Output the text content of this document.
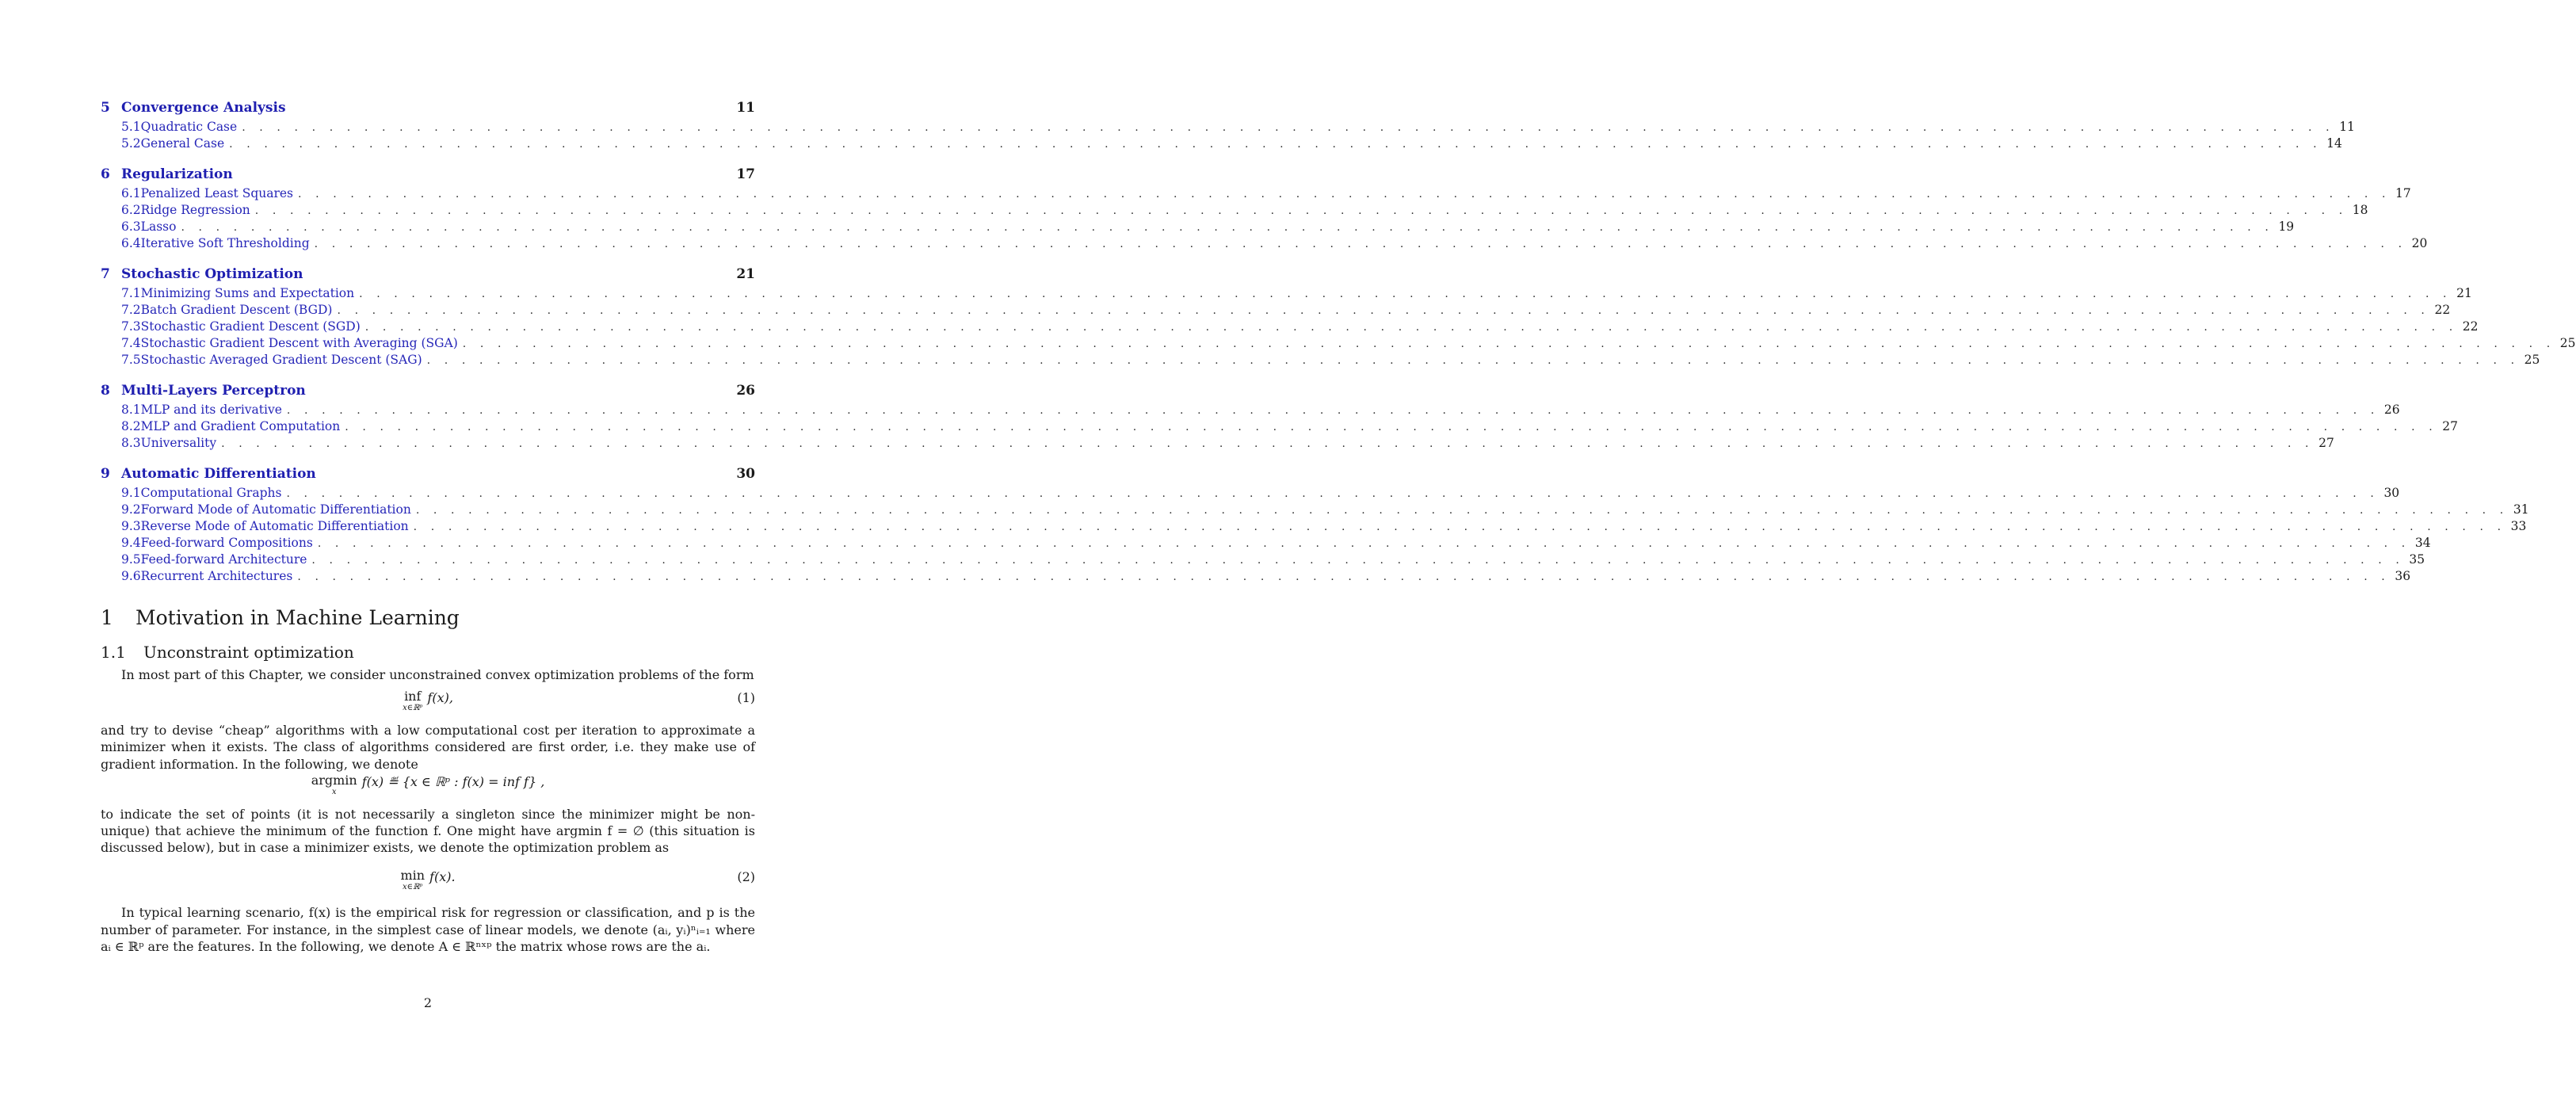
5 Convergence Analysis	11
5.1 Quadratic Case . . . . . . . . . . . . . . . . . . . . . . . . . . . . . . . . . . . . . . . . . . . . . . . . . . . . . . . . . . . . . . . . . . . . . . . . . . . . . . . . . . . . . . . . . . . . . . . . . . . . . . . . . . . . . . . . . . . . . . . . 11
5.2 General Case . . . . . . . . . . . . . . . . . . . . . . . . . . . . . . . . . . . . . . . . . . . . . . . . . . . . . . . . . . . . . . . . . . . . . . . . . . . . . . . . . . . . . . . . . . . . . . . . . . . . . . . . . . . . . . . . . . . . . . . . 14
6 Regularization	17
6.1 Penalized Least Squares . . . . . . . . . . . . . . . . . . . . . . . . . . . . . . . . . . . . . . . . . . . . . . . . . . . . . . . . . . . . . . . . . . . . . . . . . . . . . . . . . . . . . . . . . . . . . . . . . . . . . . . . . . . . . . . . . . . . . . . . 17
6.2 Ridge Regression . . . . . . . . . . . . . . . . . . . . . . . . . . . . . . . . . . . . . . . . . . . . . . . . . . . . . . . . . . . . . . . . . . . . . . . . . . . . . . . . . . . . . . . . . . . . . . . . . . . . . . . . . . . . . . . . . . . . . . . . 18
6.3 Lasso . . . . . . . . . . . . . . . . . . . . . . . . . . . . . . . . . . . . . . . . . . . . . . . . . . . . . . . . . . . . . . . . . . . . . . . . . . . . . . . . . . . . . . . . . . . . . . . . . . . . . . . . . . . . . . . . . . . . . . . . 19
6.4 Iterative Soft Thresholding . . . . . . . . . . . . . . . . . . . . . . . . . . . . . . . . . . . . . . . . . . . . . . . . . . . . . . . . . . . . . . . . . . . . . . . . . . . . . . . . . . . . . . . . . . . . . . . . . . . . . . . . . . . . . . . . . . . . . . . . 20
7 Stochastic Optimization	21
7.1 Minimizing Sums and Expectation . . . . . . . . . . . . . . . . . . . . . . . . . . . . . . . . . . . . . . . . . . . . . . . . . . . . . . . . . . . . . . . . . . . . . . . . . . . . . . . . . . . . . . . . . . . . . . . . . . . . . . . . . . . . . . . . . . . . . . . . 21
7.2 Batch Gradient Descent (BGD) . . . . . . . . . . . . . . . . . . . . . . . . . . . . . . . . . . . . . . . . . . . . . . . . . . . . . . . . . . . . . . . . . . . . . . . . . . . . . . . . . . . . . . . . . . . . . . . . . . . . . . . . . . . . . . . . . . . . . . . . 22
7.3 Stochastic Gradient Descent (SGD) . . . . . . . . . . . . . . . . . . . . . . . . . . . . . . . . . . . . . . . . . . . . . . . . . . . . . . . . . . . . . . . . . . . . . . . . . . . . . . . . . . . . . . . . . . . . . . . . . . . . . . . . . . . . . . . . . . . . . . . . 22
7.4 Stochastic Gradient Descent with Averaging (SGA) . . . . . . . . . . . . . . . . . . . . . . . . . . . . . . . . . . . . . . . . . . . . . . . . . . . . . . . . . . . . . . . . . . . . . . . . . . . . . . . . . . . . . . . . . . . . . . . . . . . . . . . . . . . . . . . . . . . . . . . . 25
7.5 Stochastic Averaged Gradient Descent (SAG) . . . . . . . . . . . . . . . . . . . . . . . . . . . . . . . . . . . . . . . . . . . . . . . . . . . . . . . . . . . . . . . . . . . . . . . . . . . . . . . . . . . . . . . . . . . . . . . . . . . . . . . . . . . . . . . . . . . . . . . . 25
8 Multi-Layers Perceptron	26
8.1 MLP and its derivative . . . . . . . . . . . . . . . . . . . . . . . . . . . . . . . . . . . . . . . . . . . . . . . . . . . . . . . . . . . . . . . . . . . . . . . . . . . . . . . . . . . . . . . . . . . . . . . . . . . . . . . . . . . . . . . . . . . . . . . . 26
8.2 MLP and Gradient Computation . . . . . . . . . . . . . . . . . . . . . . . . . . . . . . . . . . . . . . . . . . . . . . . . . . . . . . . . . . . . . . . . . . . . . . . . . . . . . . . . . . . . . . . . . . . . . . . . . . . . . . . . . . . . . . . . . . . . . . . . 27
8.3 Universality . . . . . . . . . . . . . . . . . . . . . . . . . . . . . . . . . . . . . . . . . . . . . . . . . . . . . . . . . . . . . . . . . . . . . . . . . . . . . . . . . . . . . . . . . . . . . . . . . . . . . . . . . . . . . . . . . . . . . . . . 27
9 Automatic Differentiation	30
9.1 Computational Graphs . . . . . . . . . . . . . . . . . . . . . . . . . . . . . . . . . . . . . . . . . . . . . . . . . . . . . . . . . . . . . . . . . . . . . . . . . . . . . . . . . . . . . . . . . . . . . . . . . . . . . . . . . . . . . . . . . . . . . . . . 30
9.2 Forward Mode of Automatic Differentiation . . . . . . . . . . . . . . . . . . . . . . . . . . . . . . . . . . . . . . . . . . . . . . . . . . . . . . . . . . . . . . . . . . . . . . . . . . . . . . . . . . . . . . . . . . . . . . . . . . . . . . . . . . . . . . . . . . . . . . . . 31
9.3 Reverse Mode of Automatic Differentiation . . . . . . . . . . . . . . . . . . . . . . . . . . . . . . . . . . . . . . . . . . . . . . . . . . . . . . . . . . . . . . . . . . . . . . . . . . . . . . . . . . . . . . . . . . . . . . . . . . . . . . . . . . . . . . . . . . . . . . . . 33
9.4 Feed-forward Compositions . . . . . . . . . . . . . . . . . . . . . . . . . . . . . . . . . . . . . . . . . . . . . . . . . . . . . . . . . . . . . . . . . . . . . . . . . . . . . . . . . . . . . . . . . . . . . . . . . . . . . . . . . . . . . . . . . . . . . . . . 34
9.5 Feed-forward Architecture . . . . . . . . . . . . . . . . . . . . . . . . . . . . . . . . . . . . . . . . . . . . . . . . . . . . . . . . . . . . . . . . . . . . . . . . . . . . . . . . . . . . . . . . . . . . . . . . . . . . . . . . . . . . . . . . . . . . . . . . 35
9.6 Recurrent Architectures . . . . . . . . . . . . . . . . . . . . . . . . . . . . . . . . . . . . . . . . . . . . . . . . . . . . . . . . . . . . . . . . . . . . . . . . . . . . . . . . . . . . . . . . . . . . . . . . . . . . . . . . . . . . . . . . . . . . . . . . 36
1	Motivation in Machine Learning
1.1	Unconstraint optimization

In most part of this Chapter, we consider unconstrained convex optimization problems of the form

inf
x∈ℝᵖ
f(x),	(1)

and try to devise “cheap” algorithms with a low computational cost per iteration to approximate a minimizer when it exists. The class of algorithms considered are first order, i.e. they make use of gradient information. In the following, we denote

argmin
x
f(x) ≝ {x ∈ ℝᵖ : f(x) = inf f} ,

to indicate the set of points (it is not necessarily a singleton since the minimizer might be non-unique) that achieve the minimum of the function f. One might have argmin f = ∅ (this situation is discussed below), but in case a minimizer exists, we denote the optimization problem as

min
x∈ℝᵖ
f(x).	(2)

In typical learning scenario, f(x) is the empirical risk for regression or classification, and p is the number of parameter. For instance, in the simplest case of linear models, we denote (aᵢ, yᵢ)ⁿᵢ₌₁ where aᵢ ∈ ℝᵖ are the features. In the following, we denote A ∈ ℝⁿˣᵖ the matrix whose rows are the aᵢ.

2
